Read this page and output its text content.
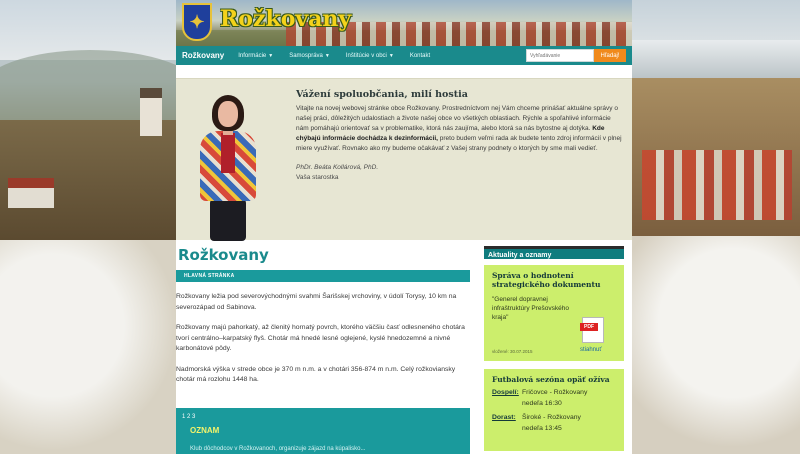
✦ Rožkovany
Rožkovany Informácie ▼	Samospráva ▼	Inštitúcie v obci ▼	Kontakt
Vyhľadávanie	Hľadaj!
Vážení spoluobčania, milí hostia
Vitajte na novej webovej stránke obce Rožkovany. Prostredníctvom nej Vám chceme prinášať aktuálne správy o našej práci, dôležitých udalostiach a živote našej obce vo všetkých oblastiach. Rýchle a spoľahlivé informácie nám pomáhajú orientovať sa v problematike, ktorá nás zaujíma, alebo ktorá sa nás bytostne aj dotýka. Kde chýbajú informácie dochádza k dezinformácii, preto budem veľmi rada ak budete tento zdroj informácií v plnej miere využívať. Rovnako ako my budeme očakávať z Vašej strany podnety o ktorých by sme mali vedieť.
PhDr. Beáta Kollárová, PhD.
Vaša starostka
Rožkovany
HLAVNÁ STRÁNKA

Rožkovany ležia pod severovýchodnými svahmi Šarišskej vrchoviny, v údolí Torysy, 10 km na severozápad od Sabinova.

Rožkovany majú pahorkatý, až členitý hornatý povrch, ktorého väčšiu časť odlesneného chotára tvorí centrálno–karpatský flyš. Chotár má hnedé lesné oglejené, kyslé hnedozemné a nivné karbonátové pôdy.

Nadmorská výška v strede obce je 370 m n.m. a v chotári 356-874 m n.m. Celý rožkoviansky chotár má rozlohu 1448 ha.

1 2 3
OZNAM
Klub dôchodcov v Rožkovanoch, organizuje zájazd na kúpalisko...
Aktuality a oznamy
Správa o hodnotení strategického dokumentu
"Generel dopravnej infraštruktúry Prešovského kraja"
PDF
stiahnuť
vložené: 30.07.2015
Futbalová sezóna opäť ožíva
Dospelí: Fričovce - Rožkovany
nedeľa 16:30
Dorast: Široké - Rožkovany
nedeľa 13:45
